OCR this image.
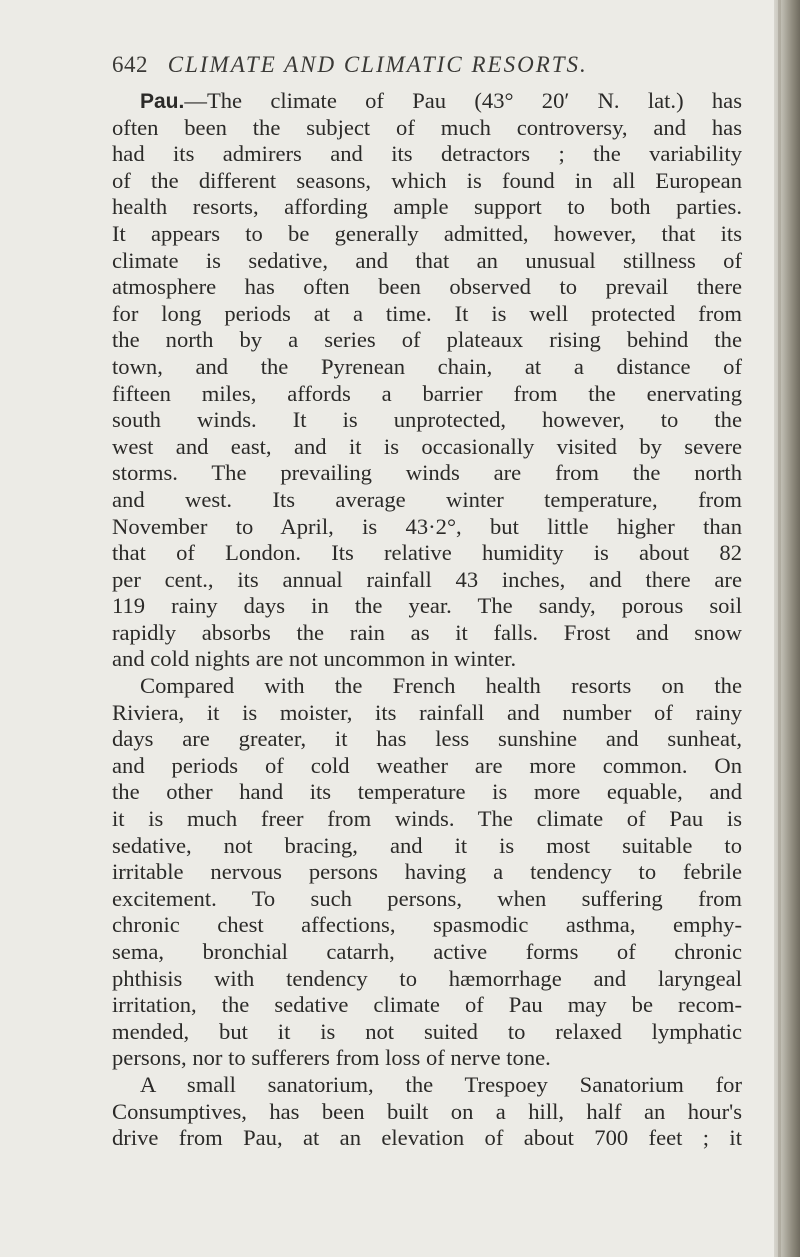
642 CLIMATE AND CLIMATIC RESORTS.
Pau.—The climate of Pau (43° 20′ N. lat.) has
often been the subject of much controversy, and has
had its admirers and its detractors ; the variability
of the different seasons, which is found in all European
health resorts, affording ample support to both parties.
It appears to be generally admitted, however, that its
climate is sedative, and that an unusual stillness of
atmosphere has often been observed to prevail there
for long periods at a time. It is well protected from
the north by a series of plateaux rising behind the
town, and the Pyrenean chain, at a distance of
fifteen miles, affords a barrier from the enervating
south winds. It is unprotected, however, to the
west and east, and it is occasionally visited by severe
storms. The prevailing winds are from the north
and west. Its average winter temperature, from
November to April, is 43·2°, but little higher than
that of London. Its relative humidity is about 82
per cent., its annual rainfall 43 inches, and there are
119 rainy days in the year. The sandy, porous soil
rapidly absorbs the rain as it falls. Frost and snow
and cold nights are not uncommon in winter.
Compared with the French health resorts on the
Riviera, it is moister, its rainfall and number of rainy
days are greater, it has less sunshine and sunheat,
and periods of cold weather are more common. On
the other hand its temperature is more equable, and
it is much freer from winds. The climate of Pau is
sedative, not bracing, and it is most suitable to
irritable nervous persons having a tendency to febrile
excitement. To such persons, when suffering from
chronic chest affections, spasmodic asthma, emphy-
sema, bronchial catarrh, active forms of chronic
phthisis with tendency to hæmorrhage and laryngeal
irritation, the sedative climate of Pau may be recom-
mended, but it is not suited to relaxed lymphatic
persons, nor to sufferers from loss of nerve tone.
A small sanatorium, the Trespoey Sanatorium for
Consumptives, has been built on a hill, half an hour's
drive from Pau, at an elevation of about 700 feet ; it
